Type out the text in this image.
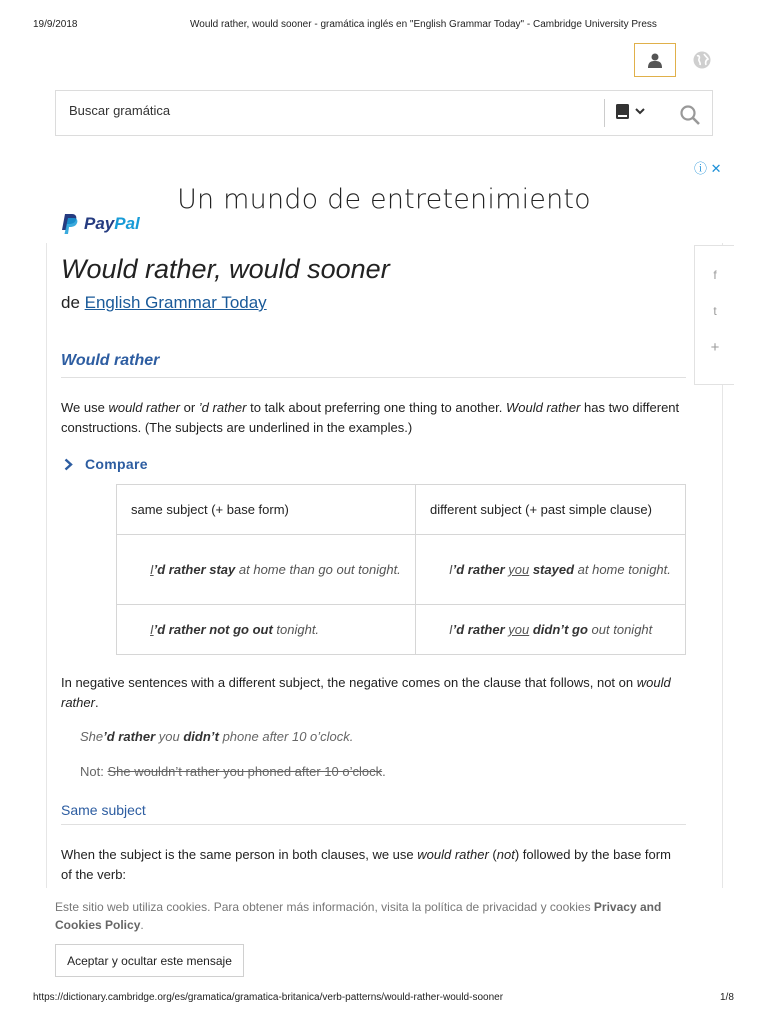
19/9/2018	Would rather, would sooner - gramática inglés en "English Grammar Today" - Cambridge University Press
Buscar gramática
ⓘ ✕
Un mundo de entretenimiento
PayPal
f
t
+
Would rather, would sooner
de English Grammar Today
Would rather
We use would rather or ’d rather to talk about preferring one thing to another. Would rather has two different constructions. (The subjects are underlined in the examples.)
Compare
same subject (+ base form)	different subject (+ past simple clause)
I’d rather stay at home than go out tonight.	I’d rather you stayed at home tonight.
I’d rather not go out tonight.	I’d rather you didn’t go out tonight
In negative sentences with a different subject, the negative comes on the clause that follows, not on would rather.
She’d rather you didn’t phone after 10 o’clock.
Not: She wouldn’t rather you phoned after 10 o’clock.
Same subject
When the subject is the same person in both clauses, we use would rather (not) followed by the base form of the verb:
Este sitio web utiliza cookies. Para obtener más información, visita la política de privacidad y cookies Privacy and Cookies Policy.
Aceptar y ocultar este mensaje
https://dictionary.cambridge.org/es/gramatica/gramatica-britanica/verb-patterns/would-rather-would-sooner	1/8
